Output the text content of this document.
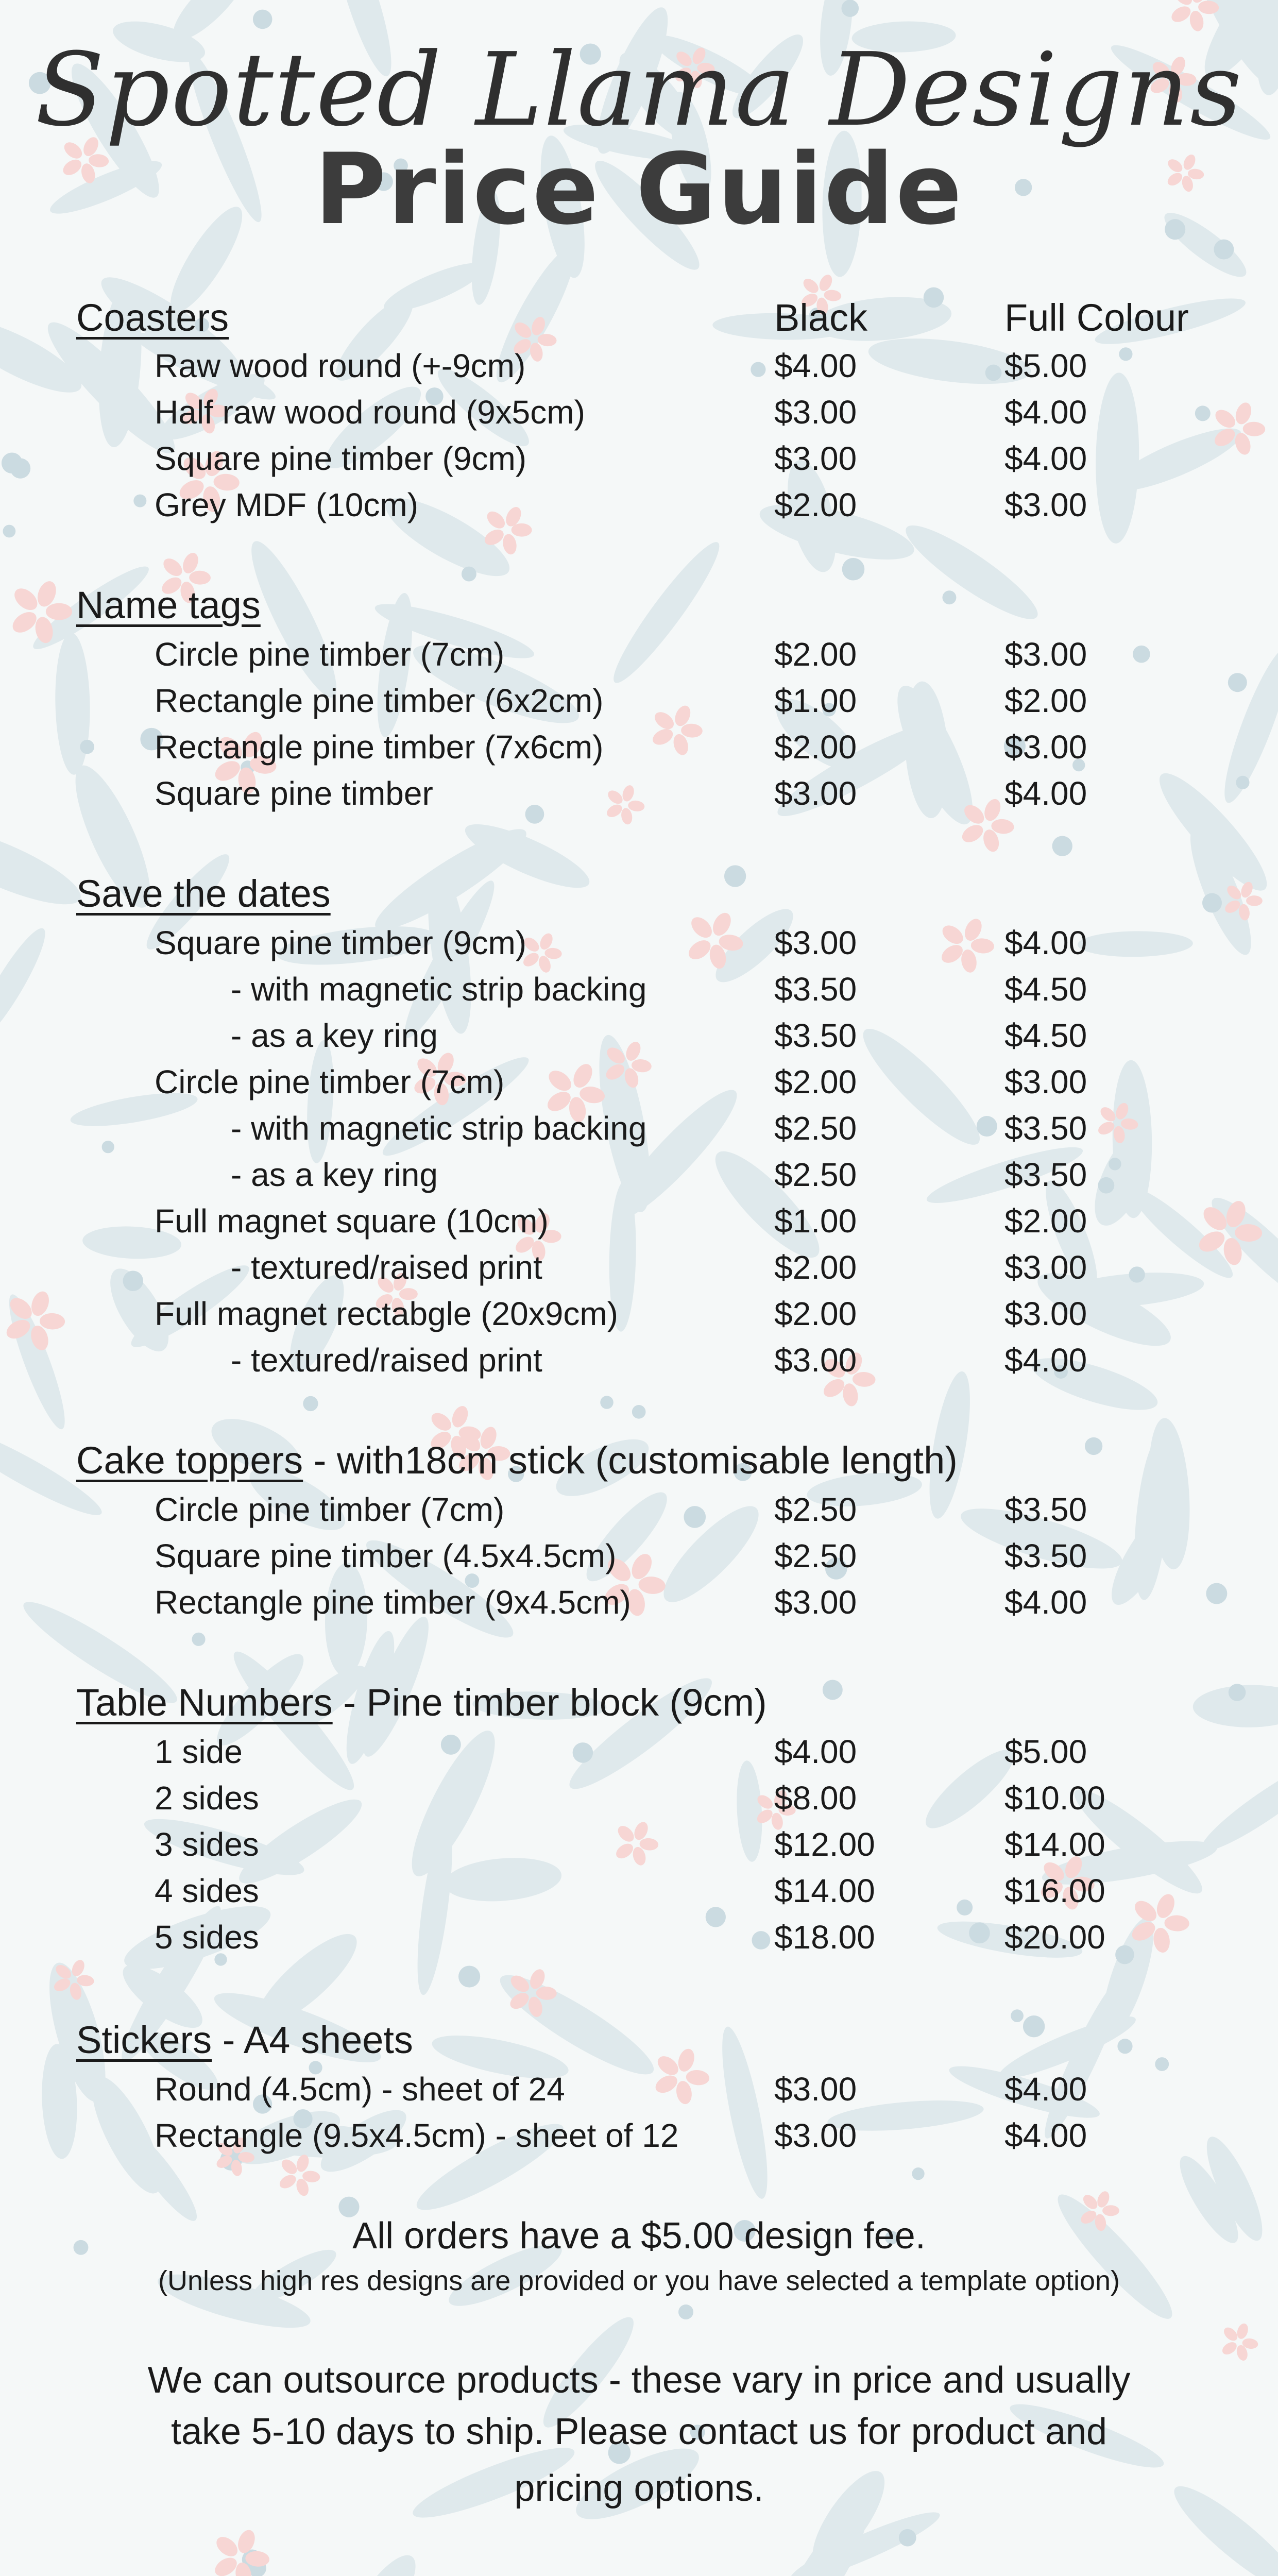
Spotted Llama Designs
Price Guide
Coasters	Black	Full Colour
Raw wood round (+-9cm)	$4.00	$5.00
Half raw wood round (9x5cm)	$3.00	$4.00
Square pine timber (9cm)	$3.00	$4.00
Grey MDF (10cm)	$2.00	$3.00
Name tags
Circle pine timber (7cm)	$2.00	$3.00
Rectangle pine timber (6x2cm)	$1.00	$2.00
Rectangle pine timber (7x6cm)	$2.00	$3.00
Square pine timber	$3.00	$4.00
Save the dates
Square pine timber (9cm)	$3.00	$4.00
- with magnetic strip backing	$3.50	$4.50
- as a key ring	$3.50	$4.50
Circle pine timber (7cm)	$2.00	$3.00
- with magnetic strip backing	$2.50	$3.50
- as a key ring	$2.50	$3.50
Full magnet square (10cm)	$1.00	$2.00
- textured/raised print	$2.00	$3.00
Full magnet rectabgle (20x9cm)	$2.00	$3.00
- textured/raised print	$3.00	$4.00
Cake toppers - with18cm stick (customisable length)
Circle pine timber (7cm)	$2.50	$3.50
Square pine timber (4.5x4.5cm)	$2.50	$3.50
Rectangle pine timber (9x4.5cm)	$3.00	$4.00
Table Numbers - Pine timber block (9cm)
1 side	$4.00	$5.00
2 sides	$8.00	$10.00
3 sides	$12.00	$14.00
4 sides	$14.00	$16.00
5 sides	$18.00	$20.00
Stickers - A4 sheets
Round (4.5cm) - sheet of 24	$3.00	$4.00
Rectangle (9.5x4.5cm) - sheet of 12	$3.00	$4.00
All orders have a $5.00 design fee.
(Unless high res designs are provided or you have selected a template option)
We can outsource products - these vary in price and usually
take 5-10 days to ship. Please contact us for product and
pricing options.
